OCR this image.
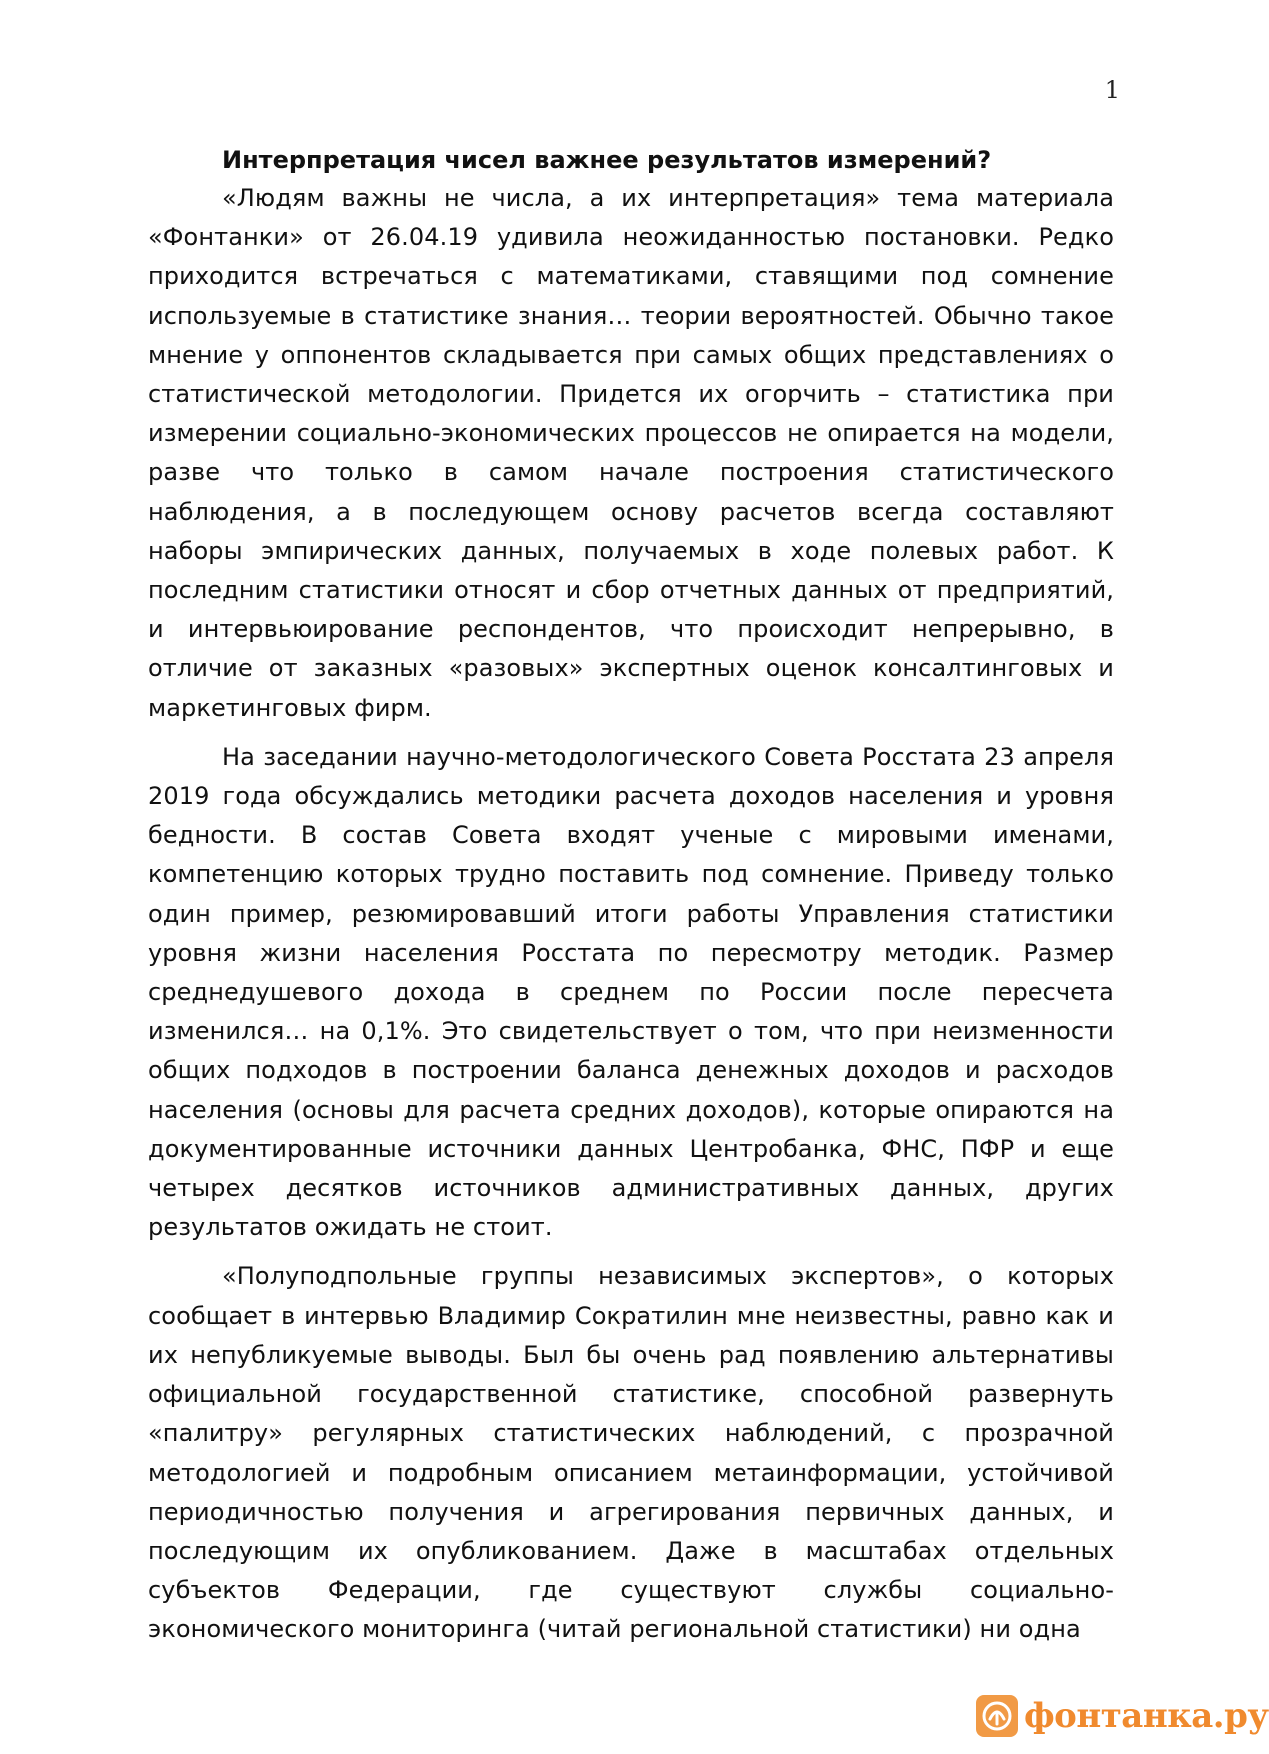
1
Интерпретация чисел важнее результатов измерений?

«Людям важны не числа, а их интерпретация» тема материала «Фонтанки» от 26.04.19 удивила неожиданностью постановки. Редко приходится встречаться с математиками, ставящими под сомнение используемые в статистике знания… теории вероятностей. Обычно такое мнение у оппонентов складывается при самых общих представлениях о статистической методологии. Придется их огорчить – статистика при измерении социально-экономических процессов не опирается на модели, разве что только в самом начале построения статистического наблюдения, а в последующем основу расчетов всегда составляют наборы эмпирических данных, получаемых в ходе полевых работ. К последним статистики относят и сбор отчетных данных от предприятий, и интервьюирование респондентов, что происходит непрерывно, в отличие от заказных «разовых» экспертных оценок консалтинговых и маркетинговых фирм.

На заседании научно-методологического Совета Росстата 23 апреля 2019 года обсуждались методики расчета доходов населения и уровня бедности. В состав Совета входят ученые с мировыми именами, компетенцию которых трудно поставить под сомнение. Приведу только один пример, резюмировавший итоги работы Управления статистики уровня жизни населения Росстата по пересмотру методик. Размер среднедушевого дохода в среднем по России после пересчета изменился… на 0,1%. Это свидетельствует о том, что при неизменности общих подходов в построении баланса денежных доходов и расходов населения (основы для расчета средних доходов), которые опираются на документированные источники данных Центробанка, ФНС, ПФР и еще четырех десятков источников административных данных, других результатов ожидать не стоит.

«Полуподпольные группы независимых экспертов», о которых сообщает в интервью Владимир Сократилин мне неизвестны, равно как и их непубликуемые выводы. Был бы очень рад появлению альтернативы официальной государственной статистике, способной развернуть «палитру» регулярных статистических наблюдений, с прозрачной методологией и подробным описанием метаинформации, устойчивой периодичностью получения и агрегирования первичных данных, и последующим их опубликованием. Даже в масштабах отдельных субъектов Федерации, где существуют службы социально-экономического мониторинга (читай региональной статистики) ни одна

фонтанка.ру
